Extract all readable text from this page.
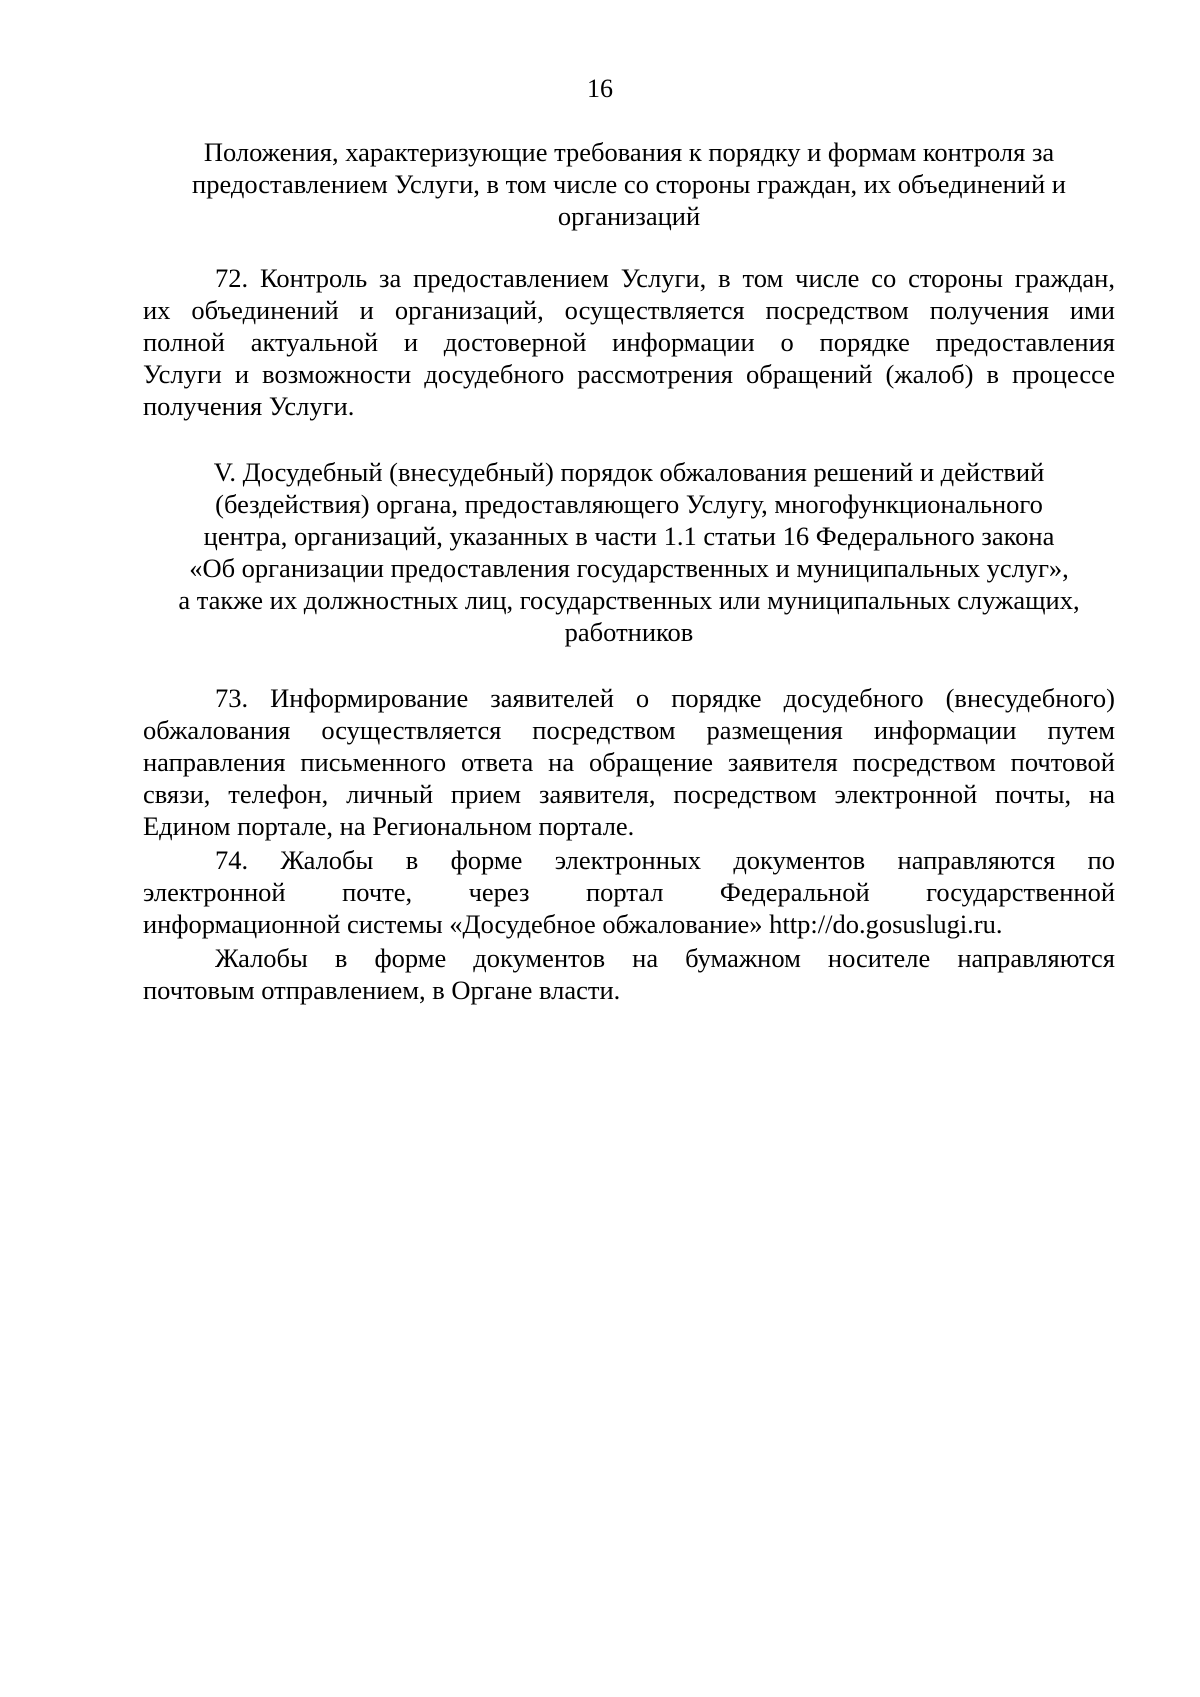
16
Положения, характеризующие требования к порядку и формам контроля за
предоставлением Услуги, в том числе со стороны граждан, их объединений и
организаций
72. Контроль за предоставлением Услуги, в том числе со стороны граждан,
их объединений и организаций, осуществляется посредством получения ими
полной актуальной и достоверной информации о порядке предоставления
Услуги и возможности досудебного рассмотрения обращений (жалоб) в процессе
получения Услуги.
V. Досудебный (внесудебный) порядок обжалования решений и действий
(бездействия) органа, предоставляющего Услугу, многофункционального
центра, организаций, указанных в части 1.1 статьи 16 Федерального закона
«Об организации предоставления государственных и муниципальных услуг»,
а также их должностных лиц, государственных или муниципальных служащих,
работников
73. Информирование заявителей о порядке досудебного (внесудебного)
обжалования осуществляется посредством размещения информации путем
направления письменного ответа на обращение заявителя посредством почтовой
связи, телефон, личный прием заявителя, посредством электронной почты, на
Едином портале, на Региональном портале.
74. Жалобы в форме электронных документов направляются по
электронной почте, через портал Федеральной государственной
информационной системы «Досудебное обжалование» http://do.gosuslugi.ru.
Жалобы в форме документов на бумажном носителе направляются
почтовым отправлением, в Органе власти.
